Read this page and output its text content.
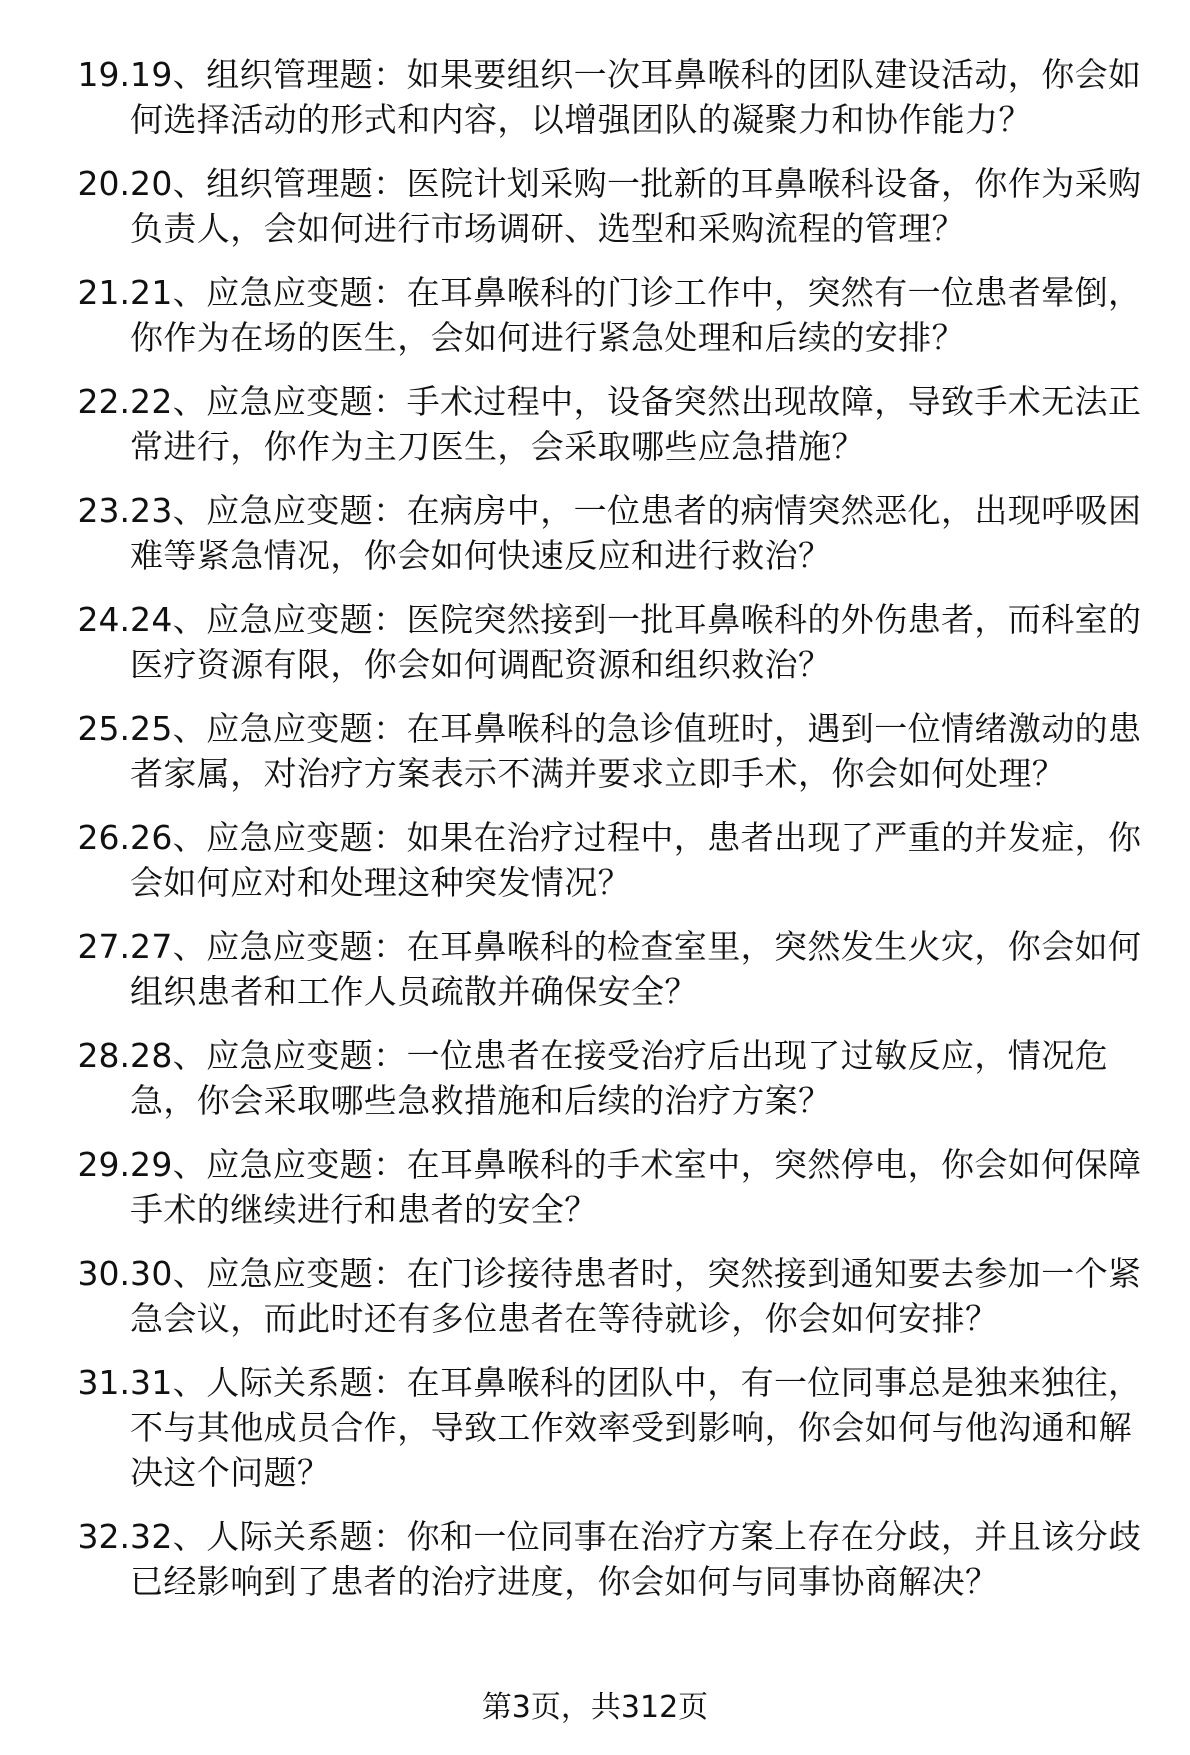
19. 19、组织管理题：如果要组织一次耳鼻喉科的团队建设活动，你会如何选择活动的形式和内容，以增强团队的凝聚力和协作能力？
20. 20、组织管理题：医院计划采购一批新的耳鼻喉科设备，你作为采购负责人，会如何进行市场调研、选型和采购流程的管理？
21. 21、应急应变题：在耳鼻喉科的门诊工作中，突然有一位患者晕倒，你作为在场的医生，会如何进行紧急处理和后续的安排？
22. 22、应急应变题：手术过程中，设备突然出现故障，导致手术无法正常进行，你作为主刀医生，会采取哪些应急措施？
23. 23、应急应变题：在病房中，一位患者的病情突然恶化，出现呼吸困难等紧急情况，你会如何快速反应和进行救治？
24. 24、应急应变题：医院突然接到一批耳鼻喉科的外伤患者，而科室的医疗资源有限，你会如何调配资源和组织救治？
25. 25、应急应变题：在耳鼻喉科的急诊值班时，遇到一位情绪激动的患者家属，对治疗方案表示不满并要求立即手术，你会如何处理？
26. 26、应急应变题：如果在治疗过程中，患者出现了严重的并发症，你会如何应对和处理这种突发情况？
27. 27、应急应变题：在耳鼻喉科的检查室里，突然发生火灾，你会如何组织患者和工作人员疏散并确保安全？
28. 28、应急应变题：一位患者在接受治疗后出现了过敏反应，情况危急，你会采取哪些急救措施和后续的治疗方案？
29. 29、应急应变题：在耳鼻喉科的手术室中，突然停电，你会如何保障手术的继续进行和患者的安全？
30. 30、应急应变题：在门诊接待患者时，突然接到通知要去参加一个紧急会议，而此时还有多位患者在等待就诊，你会如何安排？
31. 31、人际关系题：在耳鼻喉科的团队中，有一位同事总是独来独往，不与其他成员合作，导致工作效率受到影响，你会如何与他沟通和解决这个问题？
32. 32、人际关系题：你和一位同事在治疗方案上存在分歧，并且该分歧已经影响到了患者的治疗进度，你会如何与同事协商解决？
第3页，共312页
